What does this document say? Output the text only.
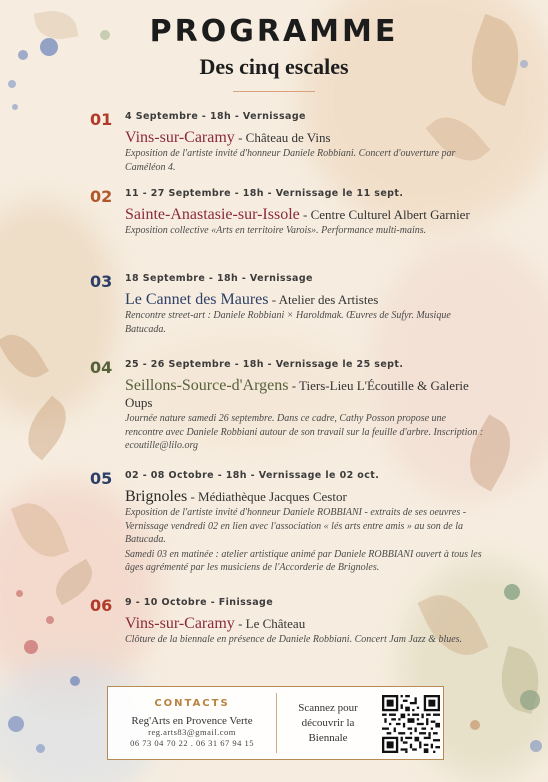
PROGRAMME
Des cinq escales
01 4 Septembre - 18h - Vernissage
Vins-sur-Caramy - Château de Vins
Exposition de l'artiste invité d'honneur Daniele Robbiani. Concert d'ouverture par Caméléon 4.
02 11 - 27 Septembre - 18h - Vernissage le 11 sept.
Sainte-Anastasie-sur-Issole - Centre Culturel Albert Garnier
Exposition collective «Arts en territoire Varois». Performance multi-mains.
03 18 Septembre - 18h - Vernissage
Le Cannet des Maures - Atelier des Artistes
Rencontre street-art : Daniele Robbiani × Haroldmak. Œuvres de Sufyr. Musique Batucada.
04 25 - 26 Septembre - 18h - Vernissage le 25 sept.
Seillons-Source-d'Argens - Tiers-Lieu L'Écoutille & Galerie Oups
Journée nature samedi 26 septembre. Dans ce cadre, Cathy Posson propose une rencontre avec Daniele Robbiani autour de son travail sur la feuille d'arbre. Inscription : ecoutille@lilo.org
05 02 - 08 Octobre - 18h - Vernissage le 02 oct.
Brignoles - Médiathèque Jacques Cestor
Exposition de l'artiste invité d'honneur Daniele ROBBIANI - extraits de ses oeuvres - Vernissage vendredi 02 en lien avec l'association « lés arts entre amis » au son de la Batucada.
Samedi 03 en matinée : atelier artistique animé par Daniele ROBBIANI ouvert à tous les âges agrémenté par les musiciens de l'Accorderie de Brignoles.
06 9 - 10 Octobre - Finissage
Vins-sur-Caramy - Le Château
Clôture de la biennale en présence de Daniele Robbiani. Concert Jam Jazz & blues.
CONTACTS
Reg'Arts en Provence Verte
reg.arts83@gmail.com
06 73 04 70 22 . 06 31 67 94 15
Scannez pour découvrir la Biennale
